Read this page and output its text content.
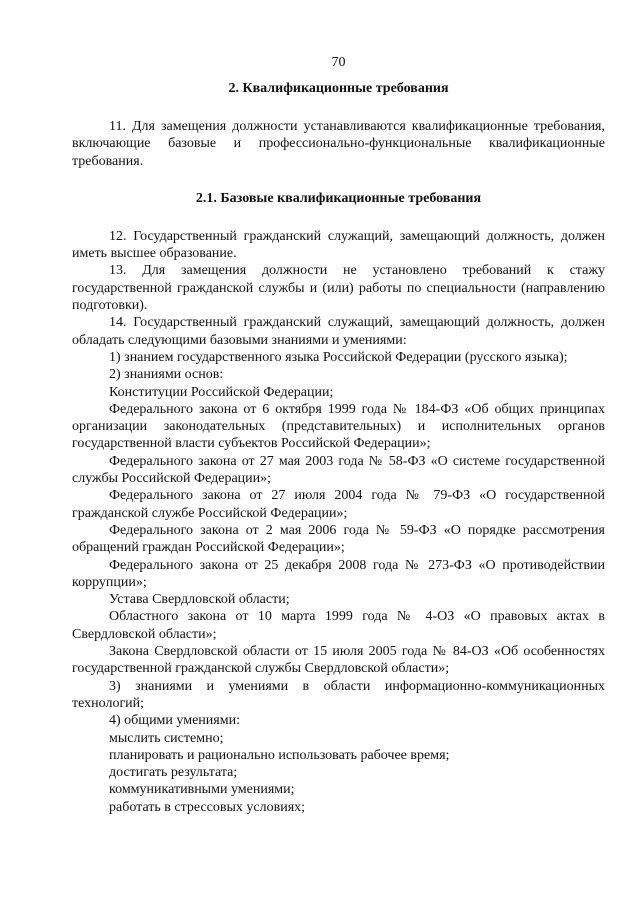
70
2. Квалификационные требования

11. Для замещения должности устанавливаются квалификационные требования, включающие базовые и профессионально-функциональные квалификационные требования.

2.1. Базовые квалификационные требования

12. Государственный гражданский служащий, замещающий должность, должен иметь высшее образование.

13. Для замещения должности не установлено требований к стажу государственной гражданской службы и (или) работы по специальности (направлению подготовки).

14. Государственный гражданский служащий, замещающий должность, должен обладать следующими базовыми знаниями и умениями:

1) знанием государственного языка Российской Федерации (русского языка);

2) знаниями основ:

Конституции Российской Федерации;

Федерального закона от 6 октября 1999 года № 184-ФЗ «Об общих принципах организации законодательных (представительных) и исполнительных органов государственной власти субъектов Российской Федерации»;

Федерального закона от 27 мая 2003 года № 58-ФЗ «О системе государственной службы Российской Федерации»;

Федерального закона от 27 июля 2004 года № 79-ФЗ «О государственной гражданской службе Российской Федерации»;

Федерального закона от 2 мая 2006 года № 59-ФЗ «О порядке рассмотрения обращений граждан Российской Федерации»;

Федерального закона от 25 декабря 2008 года № 273-ФЗ «О противодействии коррупции»;

Устава Свердловской области;

Областного закона от 10 марта 1999 года № 4-ОЗ «О правовых актах в Свердловской области»;

Закона Свердловской области от 15 июля 2005 года № 84-ОЗ «Об особенностях государственной гражданской службы Свердловской области»;

3) знаниями и умениями в области информационно-коммуникационных технологий;

4) общими умениями:

мыслить системно;

планировать и рационально использовать рабочее время;

достигать результата;

коммуникативными умениями;

работать в стрессовых условиях;
